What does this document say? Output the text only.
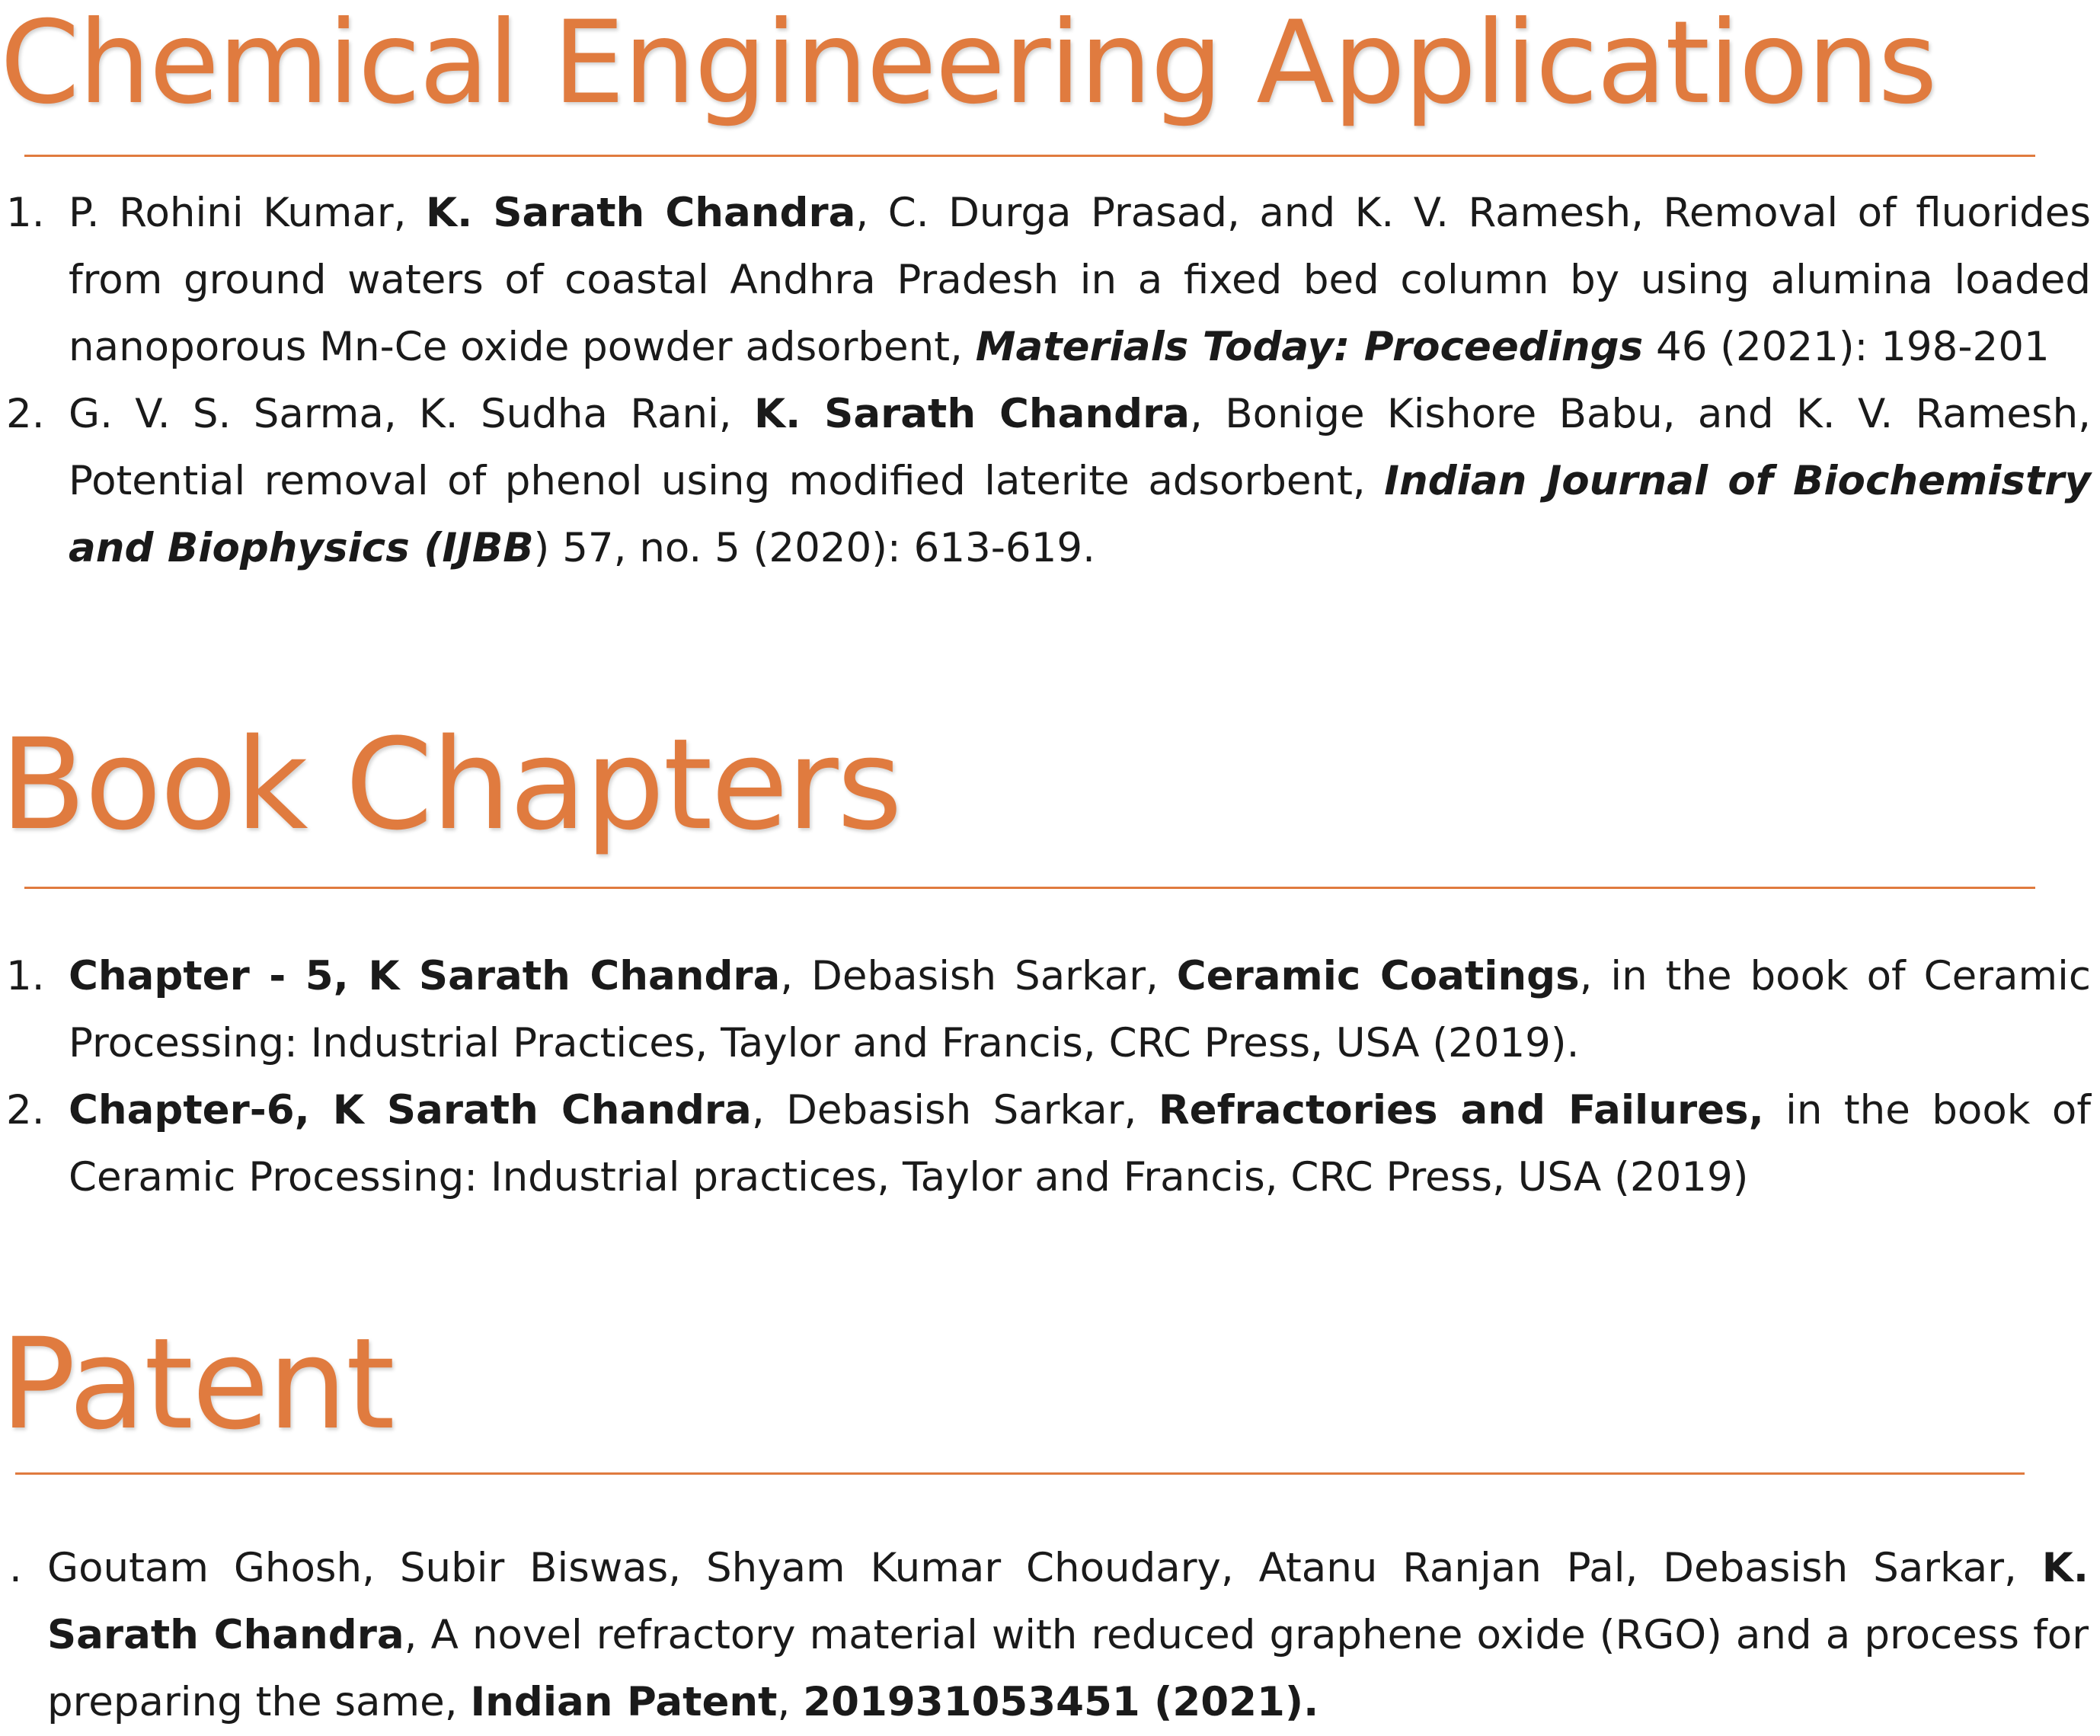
Chemical Engineering Applications
1. P. Rohini Kumar, K. Sarath Chandra, C. Durga Prasad, and K. V. Ramesh, Removal of fluorides from ground waters of coastal Andhra Pradesh in a fixed bed column by using alumina loaded nanoporous Mn-Ce oxide powder adsorbent, Materials Today: Proceedings 46 (2021): 198-201
2. G. V. S. Sarma, K. Sudha Rani, K. Sarath Chandra, Bonige Kishore Babu, and K. V. Ramesh, Potential removal of phenol using modified laterite adsorbent, Indian Journal of Biochemistry and Biophysics (IJBB) 57, no. 5 (2020): 613-619.
Book Chapters
1. Chapter - 5, K Sarath Chandra, Debasish Sarkar, Ceramic Coatings, in the book of Ceramic Processing: Industrial Practices, Taylor and Francis, CRC Press, USA (2019).
2. Chapter-6, K Sarath Chandra, Debasish Sarkar, Refractories and Failures, in the book of Ceramic Processing: Industrial practices, Taylor and Francis, CRC Press, USA (2019)
Patent
. Goutam Ghosh, Subir Biswas, Shyam Kumar Choudary, Atanu Ranjan Pal, Debasish Sarkar, K. Sarath Chandra, A novel refractory material with reduced graphene oxide (RGO) and a process for preparing the same, Indian Patent, 201931053451 (2021).
